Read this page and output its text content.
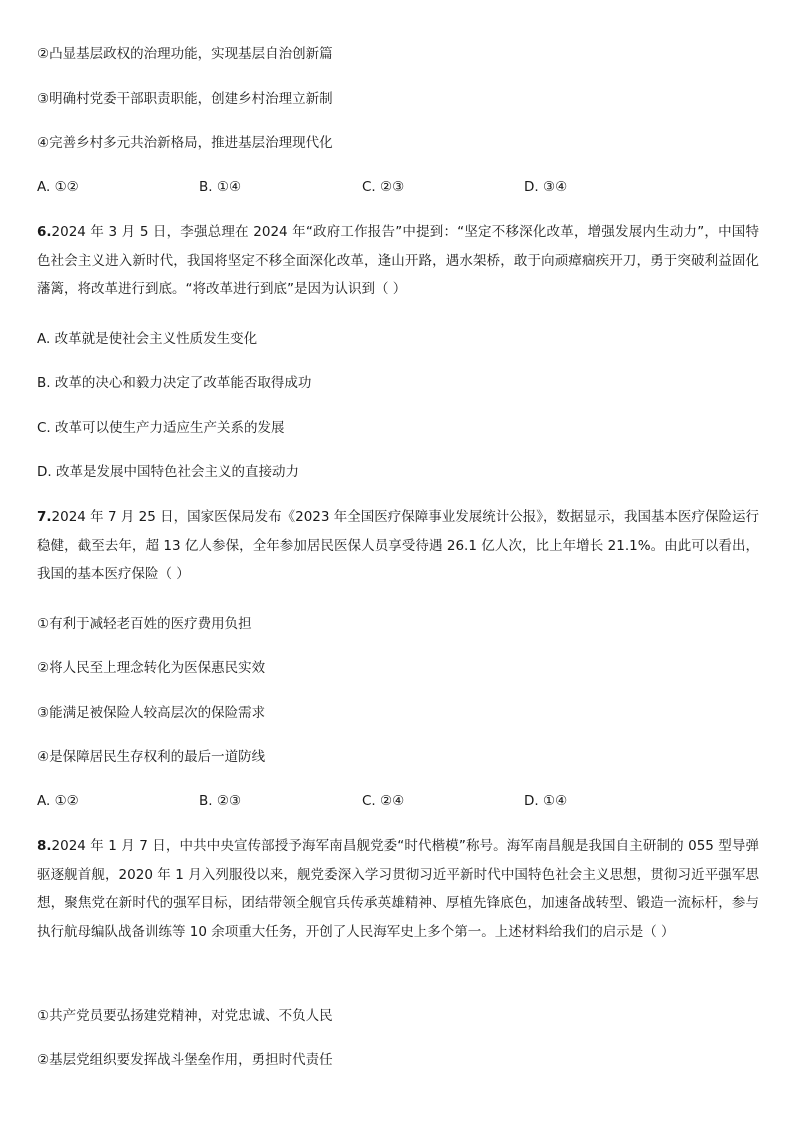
②凸显基层政权的治理功能，实现基层自治创新篇
③明确村党委干部职责职能，创建乡村治理立新制
④完善乡村多元共治新格局，推进基层治理现代化
A. ①②	B. ①④	C. ②③	D. ③④
6.2024 年 3 月 5 日，李强总理在 2024 年“政府工作报告”中提到：“坚定不移深化改革，增强发展内生动力”，中国特色社会主义进入新时代，我国将坚定不移全面深化改革，逢山开路，遇水架桥，敢于向顽瘴痼疾开刀，勇于突破利益固化藩篱，将改革进行到底。“将改革进行到底”是因为认识到（ ）
A. 改革就是使社会主义性质发生变化
B. 改革的决心和毅力决定了改革能否取得成功
C. 改革可以使生产力适应生产关系的发展
D. 改革是发展中国特色社会主义的直接动力
7.2024 年 7 月 25 日，国家医保局发布《2023 年全国医疗保障事业发展统计公报》，数据显示，我国基本医疗保险运行稳健，截至去年，超 13 亿人参保，全年参加居民医保人员享受待遇 26.1 亿人次，比上年增长 21.1%。由此可以看出，我国的基本医疗保险（ ）
①有利于减轻老百姓的医疗费用负担
②将人民至上理念转化为医保惠民实效
③能满足被保险人较高层次的保险需求
④是保障居民生存权利的最后一道防线
A. ①②	B. ②③	C. ②④	D. ①④
8.2024 年 1 月 7 日，中共中央宣传部授予海军南昌舰党委“时代楷模”称号。海军南昌舰是我国自主研制的 055 型导弹驱逐舰首舰，2020 年 1 月入列服役以来，舰党委深入学习贯彻习近平新时代中国特色社会主义思想，贯彻习近平强军思想，聚焦党在新时代的强军目标，团结带领全舰官兵传承英雄精神、厚植先锋底色，加速备战转型、锻造一流标杆，参与执行航母编队战备训练等 10 余项重大任务，开创了人民海军史上多个第一。上述材料给我们的启示是（ ）
①共产党员要弘扬建党精神，对党忠诚、不负人民
②基层党组织要发挥战斗堡垒作用，勇担时代责任
